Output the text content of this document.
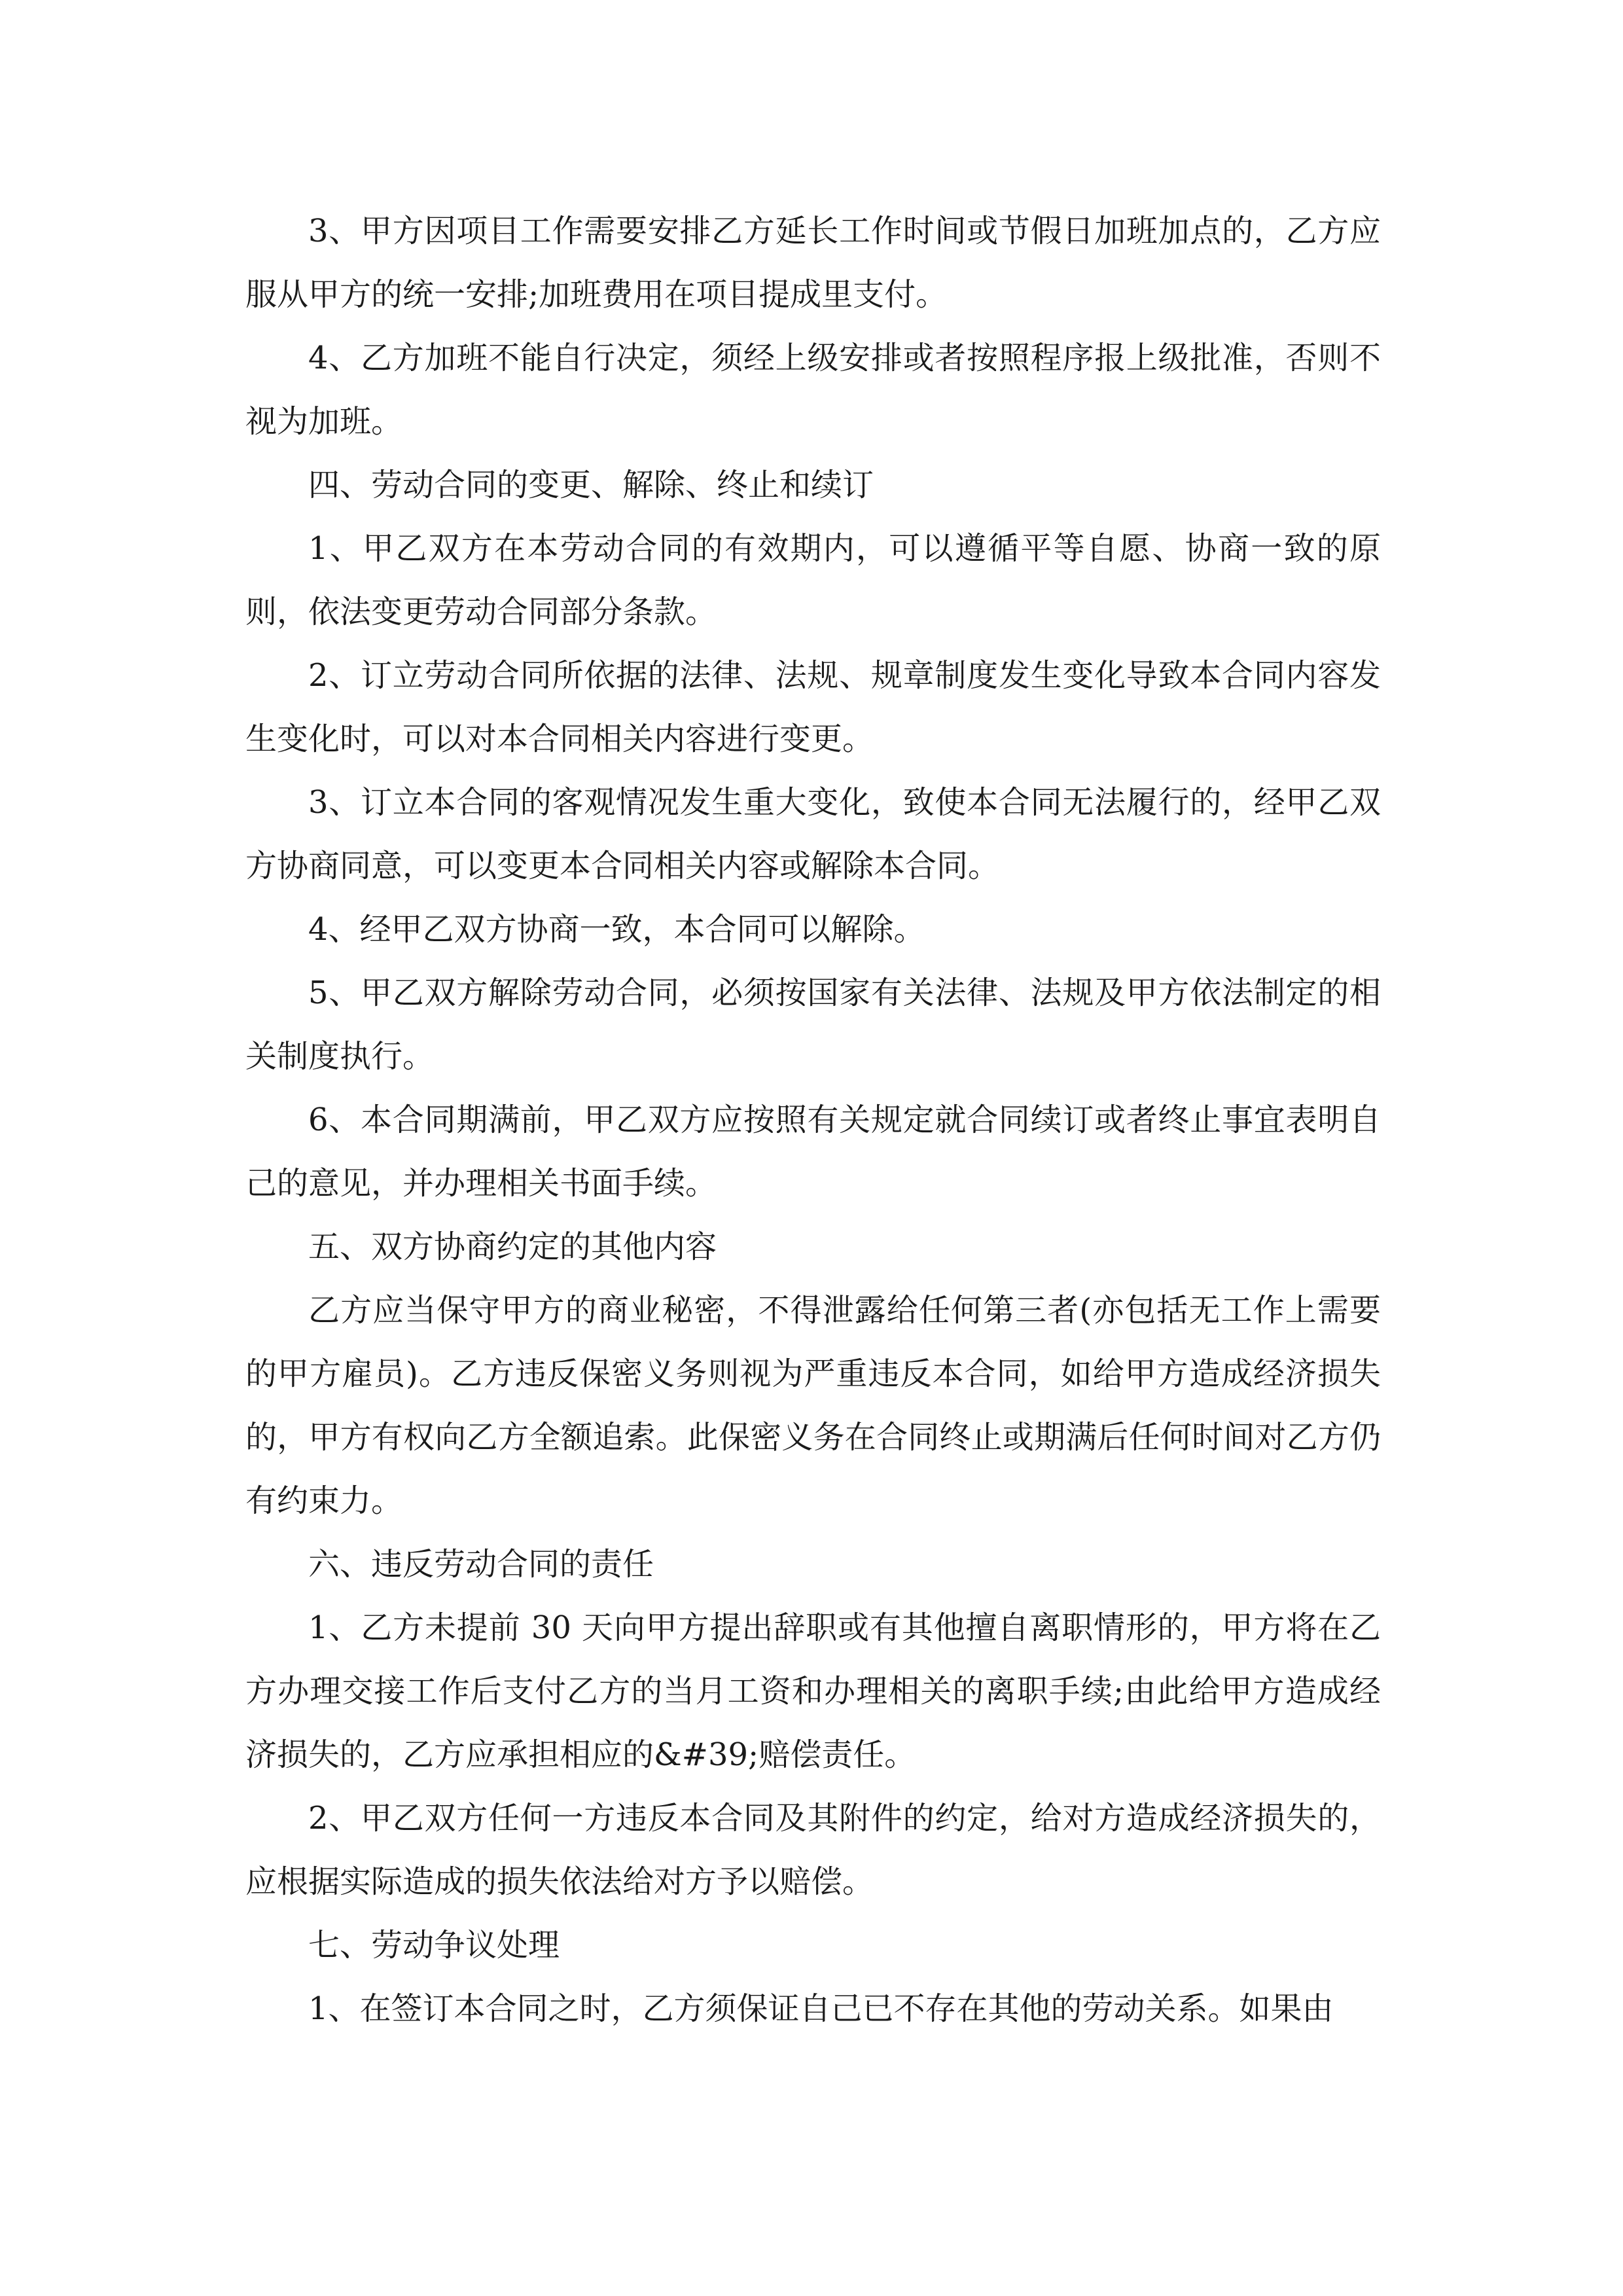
3、甲方因项目工作需要安排乙方延长工作时间或节假日加班加点的，乙方应服从甲方的统一安排;加班费用在项目提成里支付。

4、乙方加班不能自行决定，须经上级安排或者按照程序报上级批准，否则不视为加班。

四、劳动合同的变更、解除、终止和续订

1、甲乙双方在本劳动合同的有效期内，可以遵循平等自愿、协商一致的原则，依法变更劳动合同部分条款。

2、订立劳动合同所依据的法律、法规、规章制度发生变化导致本合同内容发生变化时，可以对本合同相关内容进行变更。

3、订立本合同的客观情况发生重大变化，致使本合同无法履行的，经甲乙双方协商同意，可以变更本合同相关内容或解除本合同。

4、经甲乙双方协商一致，本合同可以解除。

5、甲乙双方解除劳动合同，必须按国家有关法律、法规及甲方依法制定的相关制度执行。

6、本合同期满前，甲乙双方应按照有关规定就合同续订或者终止事宜表明自己的意见，并办理相关书面手续。

五、双方协商约定的其他内容

乙方应当保守甲方的商业秘密，不得泄露给任何第三者(亦包括无工作上需要的甲方雇员)。乙方违反保密义务则视为严重违反本合同，如给甲方造成经济损失的，甲方有权向乙方全额追索。此保密义务在合同终止或期满后任何时间对乙方仍有约束力。

六、违反劳动合同的责任

1、乙方未提前 30 天向甲方提出辞职或有其他擅自离职情形的，甲方将在乙方办理交接工作后支付乙方的当月工资和办理相关的离职手续;由此给甲方造成经济损失的，乙方应承担相应的&#39;赔偿责任。

2、甲乙双方任何一方违反本合同及其附件的约定，给对方造成经济损失的，应根据实际造成的损失依法给对方予以赔偿。

七、劳动争议处理

1、在签订本合同之时，乙方须保证自己已不存在其他的劳动关系。如果由
